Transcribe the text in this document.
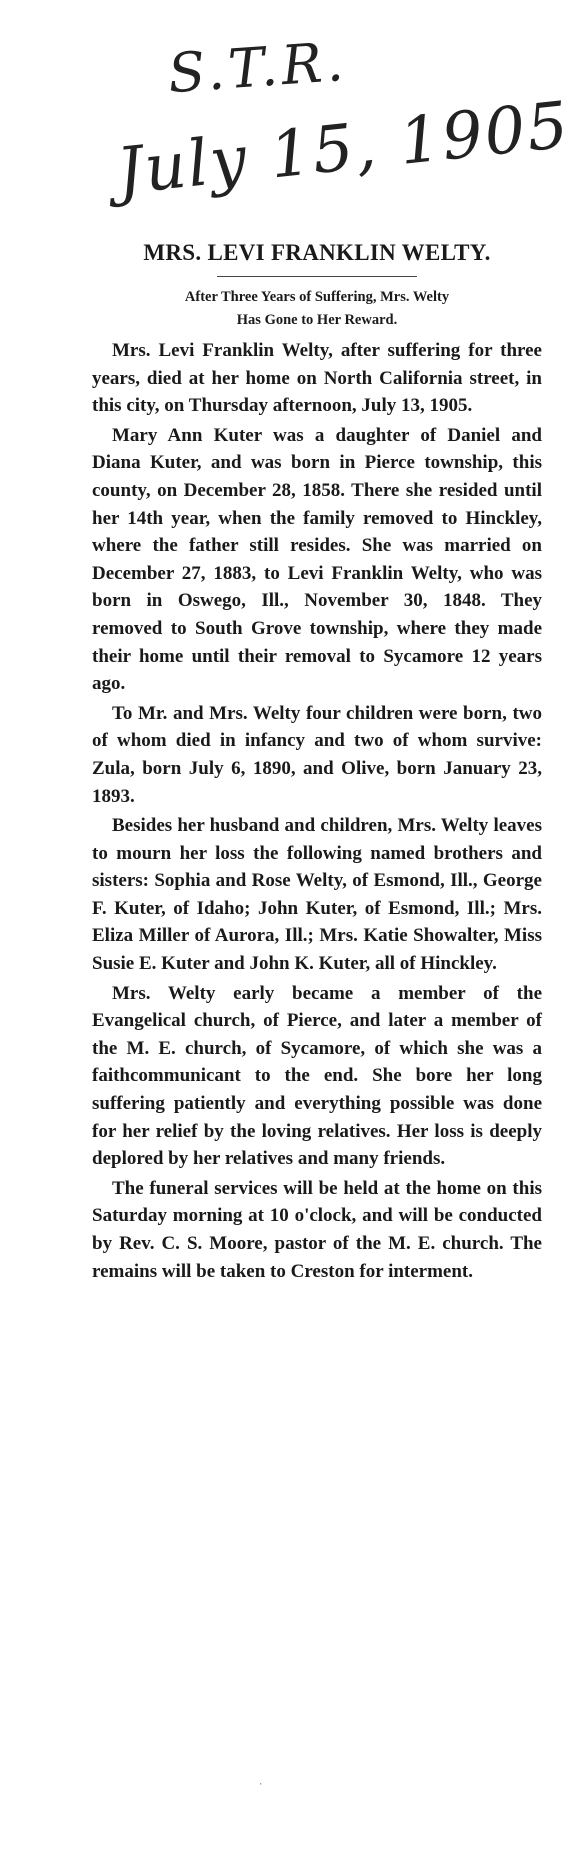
S.T.R.
July 15, 1905
MRS. LEVI FRANKLIN WELTY.

After Three Years of Suffering, Mrs. Welty

Has Gone to Her Reward.

Mrs. Levi Franklin Welty, after suffering for three years, died at her home on North California street, in this city, on Thursday afternoon, July 13, 1905.

Mary Ann Kuter was a daughter of Daniel and Diana Kuter, and was born in Pierce township, this county, on December 28, 1858. There she resided until her 14th year, when the family removed to Hinckley, where the father still resides. She was married on December 27, 1883, to Levi Franklin Welty, who was born in Oswego, Ill., November 30, 1848. They removed to South Grove township, where they made their home until their removal to Sycamore 12 years ago.

To Mr. and Mrs. Welty four children were born, two of whom died in infancy and two of whom survive: Zula, born July 6, 1890, and Olive, born January 23, 1893.

Besides her husband and children, Mrs. Welty leaves to mourn her loss the following named brothers and sisters: Sophia and Rose Welty, of Esmond, Ill., George F. Kuter, of Idaho; John Kuter, of Esmond, Ill.; Mrs. Eliza Miller of Aurora, Ill.; Mrs. Katie Showalter, Miss Susie E. Kuter and John K. Kuter, all of Hinckley.

Mrs. Welty early became a member of the Evangelical church, of Pierce, and later a member of the M. E. church, of Sycamore, of which she was a faithcommunicant to the end. She bore her long suffering patiently and everything possible was done for her relief by the loving relatives. Her loss is deeply deplored by her relatives and many friends.

The funeral services will be held at the home on this Saturday morning at 10 o'clock, and will be conducted by Rev. C. S. Moore, pastor of the M. E. church. The remains will be taken to Creston for interment.

·
